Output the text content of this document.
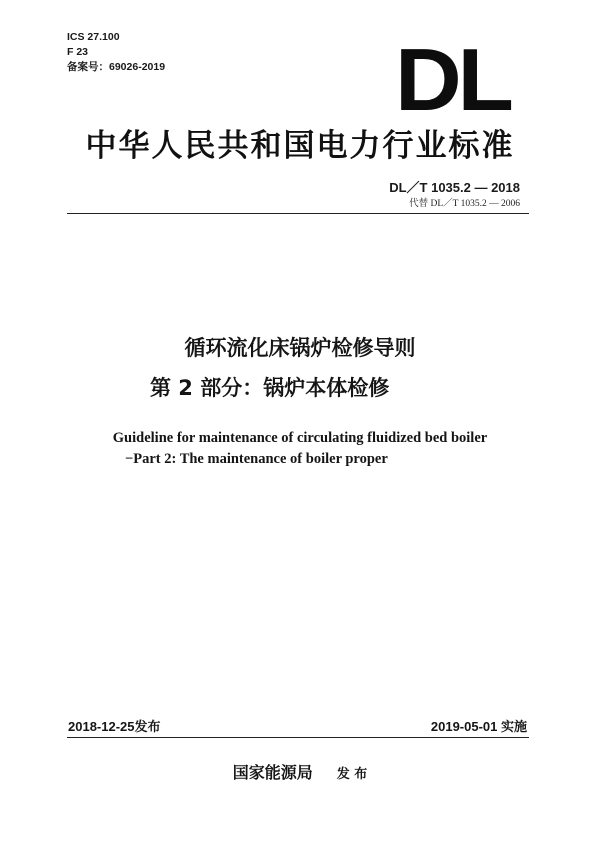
ICS 27.100
F 23
备案号：69026-2019	DL
中华人民共和国电力行业标准
DL／T 1035.2 — 2018
代替 DL／T 1035.2 — 2006
循环流化床锅炉检修导则
第 2 部分：锅炉本体检修
Guideline for maintenance of circulating fluidized bed boiler
−Part 2: The maintenance of boiler proper
2018-12-25发布	2019-05-01 实施
国家能源局 发 布
